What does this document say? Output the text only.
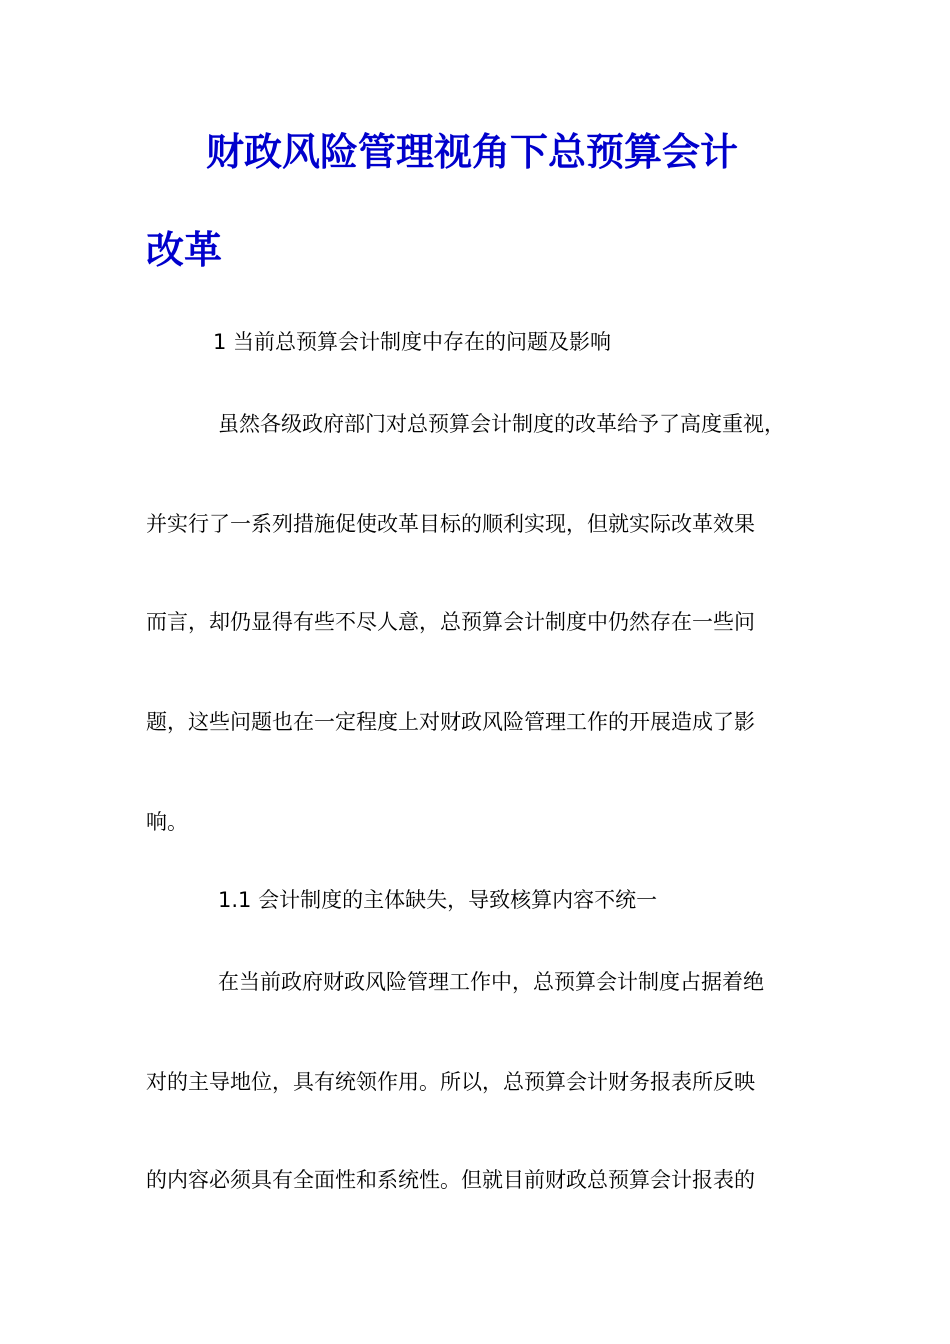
财政风险管理视角下总预算会计
改革

1 当前总预算会计制度中存在的问题及影响

虽然各级政府部门对总预算会计制度的改革给予了高度重视，

并实行了一系列措施促使改革目标的顺利实现，但就实际改革效果

而言，却仍显得有些不尽人意，总预算会计制度中仍然存在一些问

题，这些问题也在一定程度上对财政风险管理工作的开展造成了影

响。

1.1 会计制度的主体缺失，导致核算内容不统一

在当前政府财政风险管理工作中，总预算会计制度占据着绝

对的主导地位，具有统领作用。所以，总预算会计财务报表所反映

的内容必须具有全面性和系统性。但就目前财政总预算会计报表的
